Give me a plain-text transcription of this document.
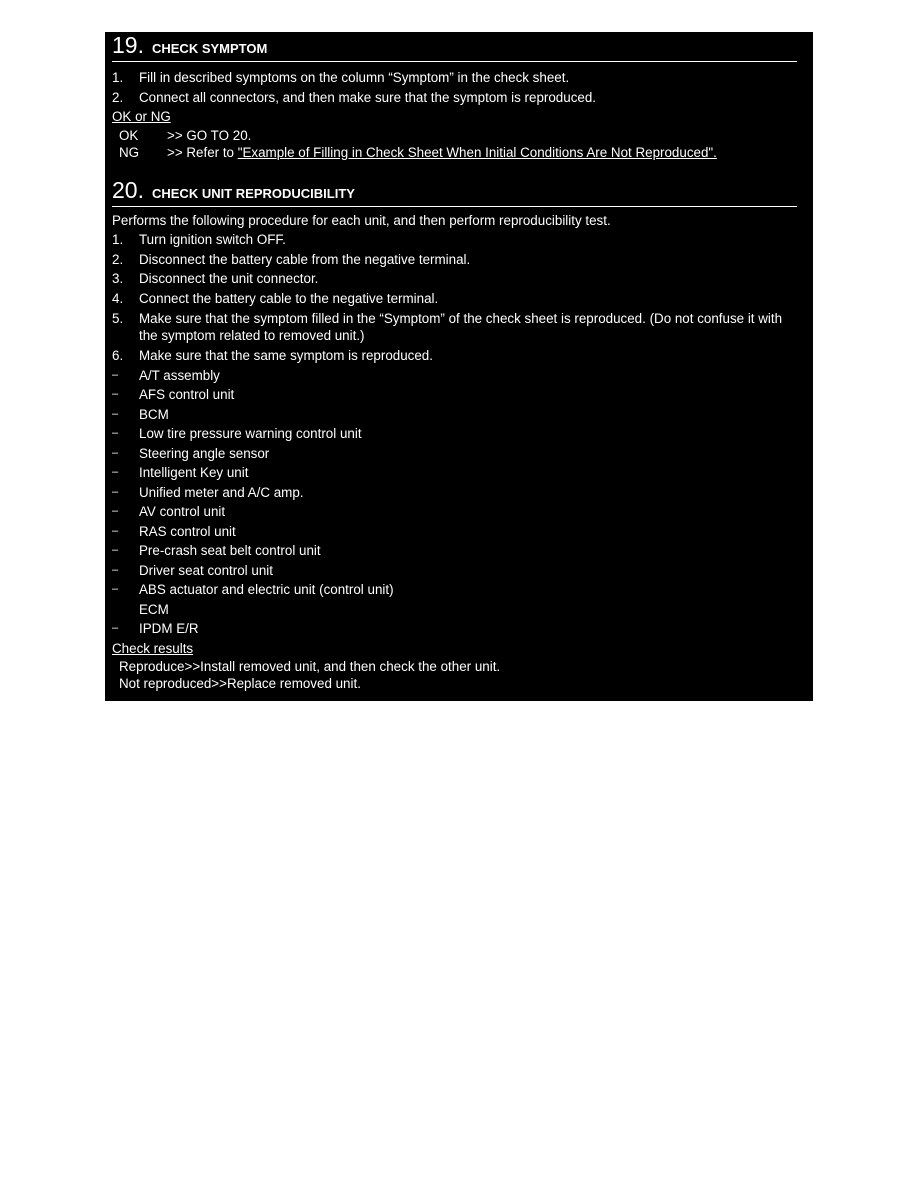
19. CHECK SYMPTOM
1.	Fill in described symptoms on the column “Symptom” in the check sheet.
2.	Connect all connectors, and then make sure that the symptom is reproduced.
OK or NG
OK >> GO TO 20.
NG >> Refer to "Example of Filling in Check Sheet When Initial Conditions Are Not Reproduced".
20. CHECK UNIT REPRODUCIBILITY
Performs the following procedure for each unit, and then perform reproducibility test.
1.	Turn ignition switch OFF.
2.	Disconnect the battery cable from the negative terminal.
3.	Disconnect the unit connector.
4.	Connect the battery cable to the negative terminal.
5.	Make sure that the symptom filled in the “Symptom” of the check sheet is reproduced. (Do not confuse it with the symptom related to removed unit.)
6.	Make sure that the same symptom is reproduced.
–	A/T assembly
–	AFS control unit
–	BCM
–	Low tire pressure warning control unit
–	Steering angle sensor
–	Intelligent Key unit
–	Unified meter and A/C amp.
–	AV control unit
–	RAS control unit
–	Pre-crash seat belt control unit
–	Driver seat control unit
–	ABS actuator and electric unit (control unit)
ECM
–	IPDM E/R
Check results
Reproduce>>Install removed unit, and then check the other unit.
Not reproduced>>Replace removed unit.
